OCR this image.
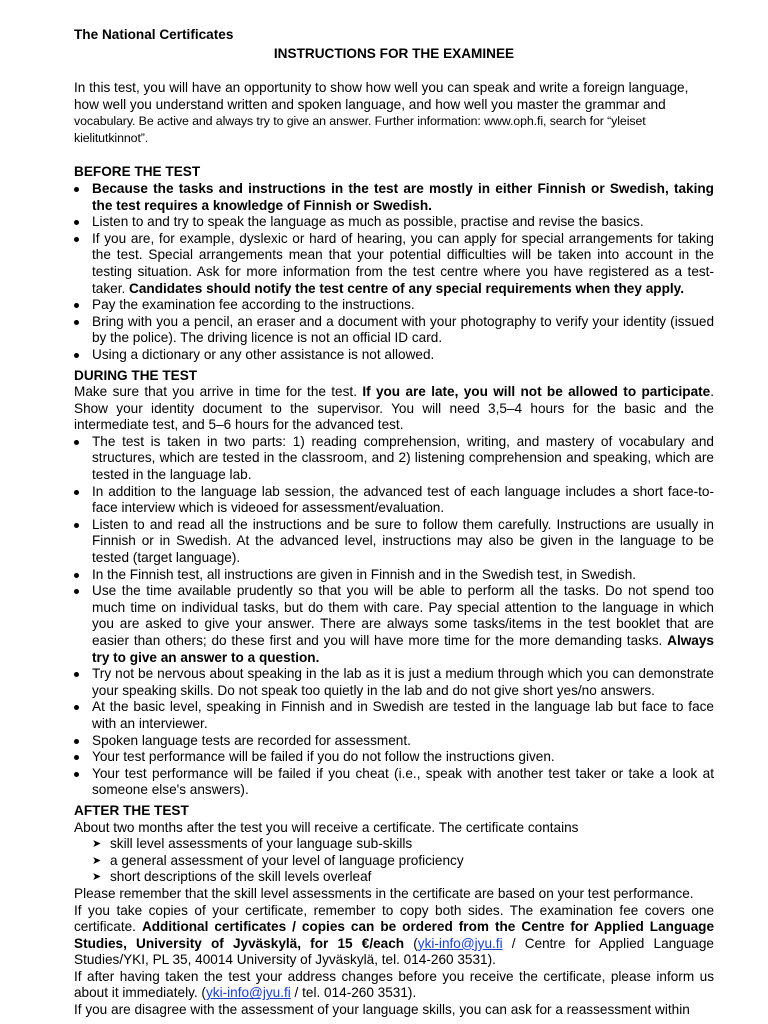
The National Certificates

INSTRUCTIONS FOR THE EXAMINEE

In this test, you will have an opportunity to show how well you can speak and write a foreign language,
how well you understand written and spoken language, and how well you master the grammar and
vocabulary. Be active and always try to give an answer. Further information: www.oph.fi, search for “yleiset
kielitutkinnot”.

BEFORE THE TEST

Because the tasks and instructions in the test are mostly in either Finnish or Swedish, taking the test requires a knowledge of Finnish or Swedish.
Listen to and try to speak the language as much as possible, practise and revise the basics.
If you are, for example, dyslexic or hard of hearing, you can apply for special arrangements for taking the test. Special arrangements mean that your potential difficulties will be taken into account in the testing situation. Ask for more information from the test centre where you have registered as a test-taker. Candidates should notify the test centre of any special requirements when they apply.
Pay the examination fee according to the instructions.
Bring with you a pencil, an eraser and a document with your photography to verify your identity (issued by the police). The driving licence is not an official ID card.
Using a dictionary or any other assistance is not allowed.

DURING THE TEST

Make sure that you arrive in time for the test. If you are late, you will not be allowed to participate. Show your identity document to the supervisor. You will need 3,5–4 hours for the basic and the intermediate test, and 5–6 hours for the advanced test.

The test is taken in two parts: 1) reading comprehension, writing, and mastery of vocabulary and structures, which are tested in the classroom, and 2) listening comprehension and speaking, which are tested in the language lab.
In addition to the language lab session, the advanced test of each language includes a short face-to-face interview which is videoed for assessment/evaluation.
Listen to and read all the instructions and be sure to follow them carefully. Instructions are usually in Finnish or in Swedish. At the advanced level, instructions may also be given in the language to be tested (target language).
In the Finnish test, all instructions are given in Finnish and in the Swedish test, in Swedish.
Use the time available prudently so that you will be able to perform all the tasks. Do not spend too much time on individual tasks, but do them with care. Pay special attention to the language in which you are asked to give your answer. There are always some tasks/items in the test booklet that are easier than others; do these first and you will have more time for the more demanding tasks. Always try to give an answer to a question.
Try not be nervous about speaking in the lab as it is just a medium through which you can demonstrate your speaking skills. Do not speak too quietly in the lab and do not give short yes/no answers.
At the basic level, speaking in Finnish and in Swedish are tested in the language lab but face to face with an interviewer.
Spoken language tests are recorded for assessment.
Your test performance will be failed if you do not follow the instructions given.
Your test performance will be failed if you cheat (i.e., speak with another test taker or take a look at someone else's answers).

AFTER THE TEST

About two months after the test you will receive a certificate. The certificate contains

➤ skill level assessments of your language sub-skills
➤ a general assessment of your level of language proficiency
➤ short descriptions of the skill levels overleaf

Please remember that the skill level assessments in the certificate are based on your test performance.

If you take copies of your certificate, remember to copy both sides. The examination fee covers one certificate. Additional certificates / copies can be ordered from the Centre for Applied Language Studies, University of Jyväskylä, for 15 €/each (yki-info@jyu.fi / Centre for Applied Language Studies/YKI, PL 35, 40014 University of Jyväskylä, tel. 014-260 3531).

If after having taken the test your address changes before you receive the certificate, please inform us about it immediately. (yki-info@jyu.fi / tel. 014-260 3531).

If you are disagree with the assessment of your language skills, you can ask for a reassessment within
